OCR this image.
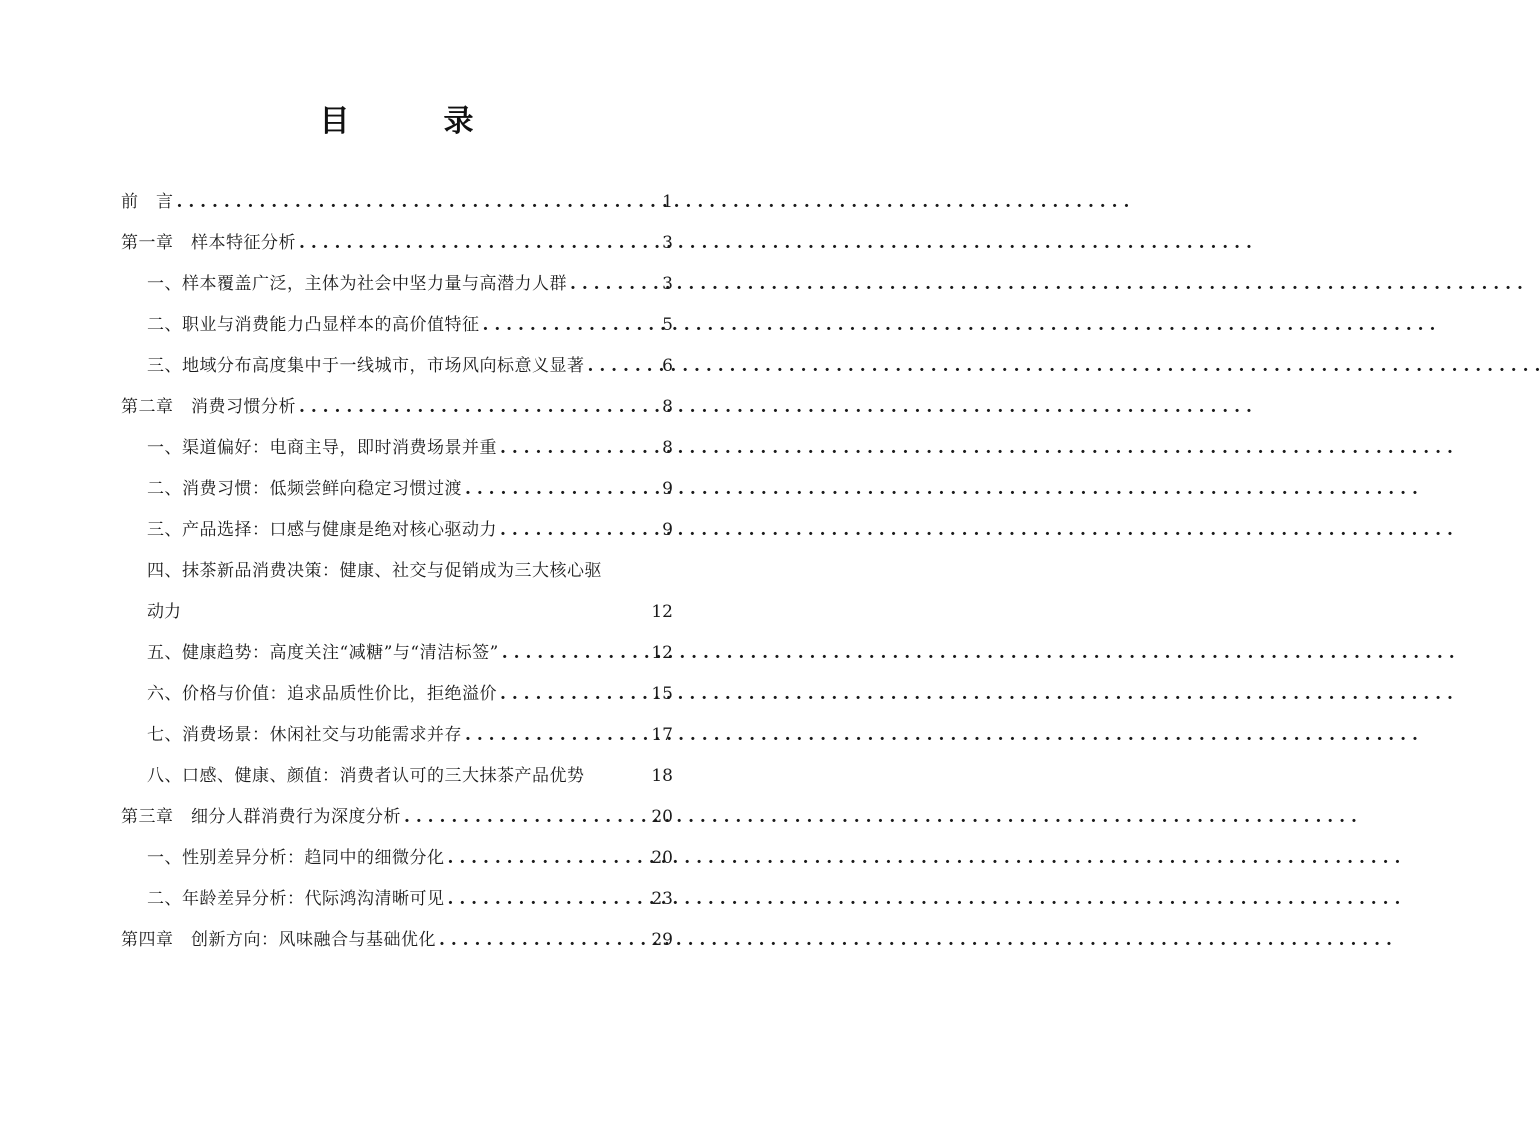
目　录
前　言 . . .	1
第一章　样本特征分析 . . .	3
一、样本覆盖广泛，主体为社会中坚力量与高潜力人群 . . .	3
二、职业与消费能力凸显样本的高价值特征 . . .	5
三、地域分布高度集中于一线城市，市场风向标意义显著 . . .	6
第二章　消费习惯分析 . . .	8
一、渠道偏好：电商主导，即时消费场景并重 . . .	8
二、消费习惯：低频尝鲜向稳定习惯过渡 . . .	9
三、产品选择：口感与健康是绝对核心驱动力 . . .	9
四、抹茶新品消费决策：健康、社交与促销成为三大核心驱
动力	12
五、健康趋势：高度关注“减糖”与“清洁标签” . . .	12
六、价格与价值：追求品质性价比，拒绝溢价 . . .	15
七、消费场景：休闲社交与功能需求并存 . . .	17
八、口感、健康、颜值：消费者认可的三大抹茶产品优势	18
第三章　细分人群消费行为深度分析 . . .	20
一、性别差异分析：趋同中的细微分化 . . .	20
二、年龄差异分析：代际鸿沟清晰可见 . . .	23
第四章　创新方向：风味融合与基础优化 . . .	29
